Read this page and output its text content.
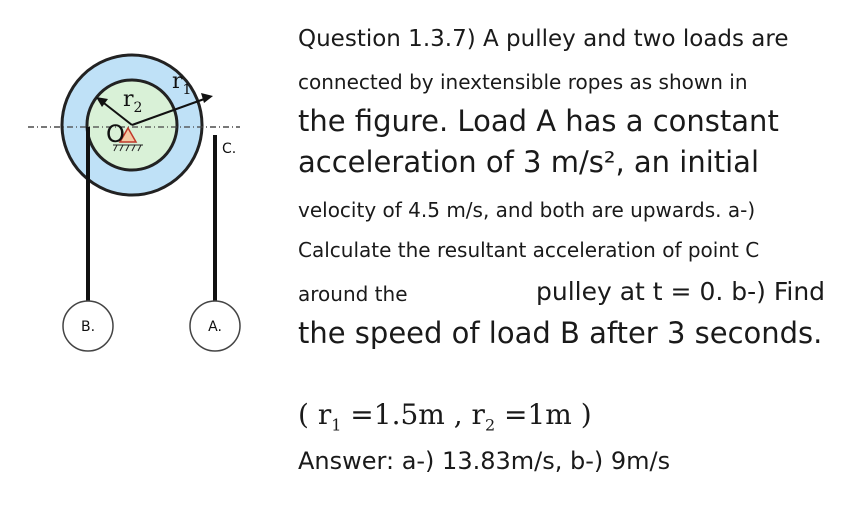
O
$r_2$
$r_1$
C.
B.	A.
Question 1.3.7) A pulley and two loads are
connected by inextensible ropes as shown in
the figure. Load A has a constant
acceleration of 3 m/s², an initial
velocity of 4.5 m/s, and both are upwards. a-)
Calculate the resultant acceleration of point C
around the	pulley at t = 0. b-) Find
the speed of load B after 3 seconds.
( $r_1 =1.5m$ , $r_2 =1m$ )
Answer: a-) 13.83m/s, b-) 9m/s
